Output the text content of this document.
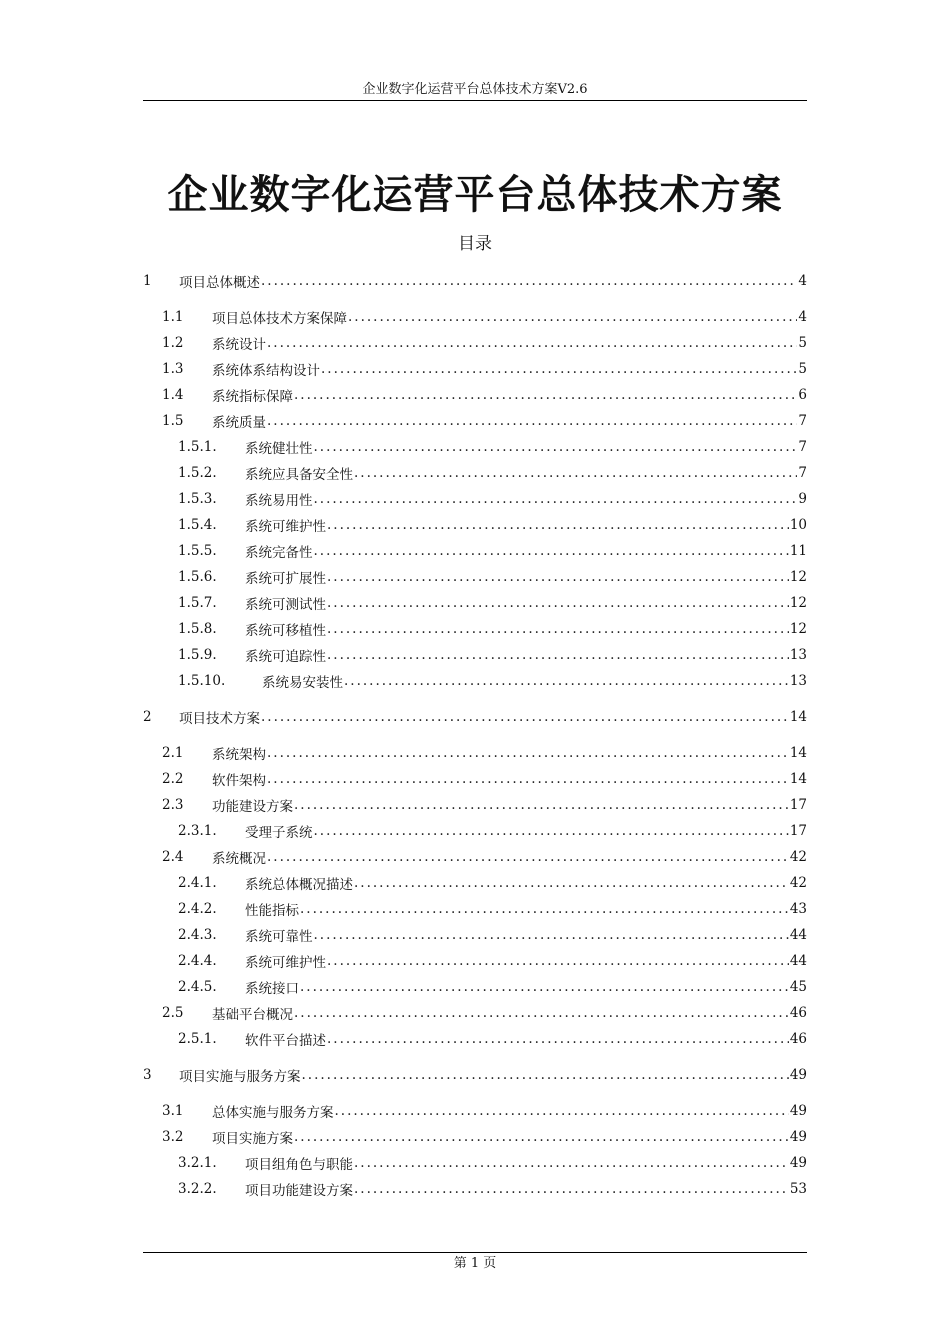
企业数字化运营平台总体技术方案V2.6
企业数字化运营平台总体技术方案
目录
1	项目总体概述 .....	4
1.1	项目总体技术方案保障 .....	4
1.2	系统设计 .....	5
1.3	系统体系结构设计 .....	5
1.4	系统指标保障 .....	6
1.5	系统质量 .....	7
1.5.1.	系统健壮性 .....	7
1.5.2.	系统应具备安全性 .....	7
1.5.3.	系统易用性 .....	9
1.5.4.	系统可维护性 .....	10
1.5.5.	系统完备性 .....	11
1.5.6.	系统可扩展性 .....	12
1.5.7.	系统可测试性 .....	12
1.5.8.	系统可移植性 .....	12
1.5.9.	系统可追踪性 .....	13
1.5.10.	系统易安装性 .....	13
2	项目技术方案 .....	14
2.1	系统架构 .....	14
2.2	软件架构 .....	14
2.3	功能建设方案 .....	17
2.3.1.	受理子系统 .....	17
2.4	系统概况 .....	42
2.4.1.	系统总体概况描述 .....	42
2.4.2.	性能指标 .....	43
2.4.3.	系统可靠性 .....	44
2.4.4.	系统可维护性 .....	44
2.4.5.	系统接口 .....	45
2.5	基础平台概况 .....	46
2.5.1.	软件平台描述 .....	46
3	项目实施与服务方案 .....	49
3.1	总体实施与服务方案 .....	49
3.2	项目实施方案 .....	49
3.2.1.	项目组角色与职能 .....	49
3.2.2.	项目功能建设方案 .....	53
第 1 页
